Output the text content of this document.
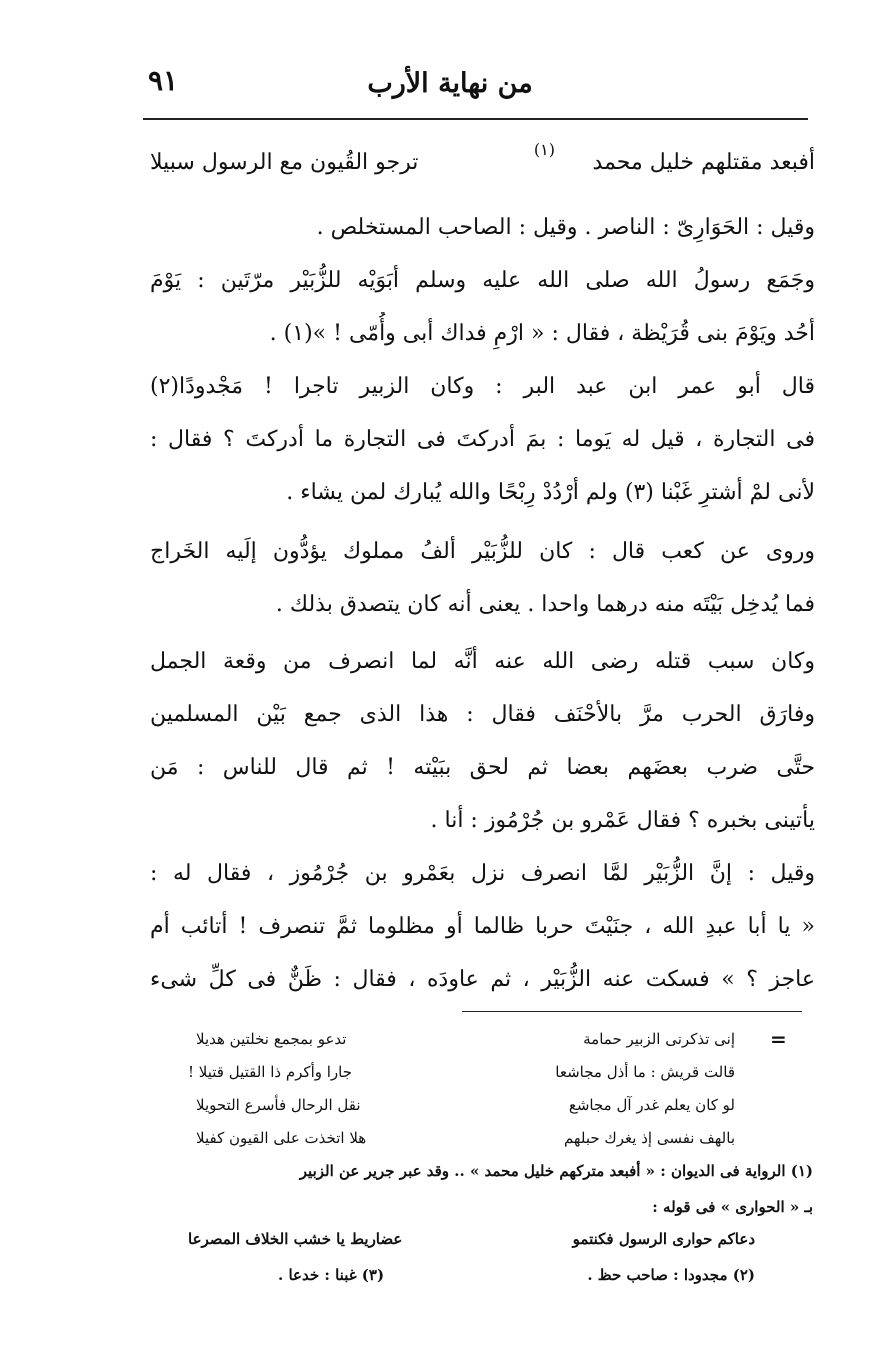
من نهاية الأرب
٩١
أفبعد مقتلهم خليل محمد
(١)
ترجو القُيون مع الرسول سبيلا
وقيل : الحَوَارِىّ : الناصر . وقيل : الصاحب المستخلص .
وجَمَع رسولُ الله صلى الله عليه وسلم أبَوَيْه للزُّبَيْر مرّتَين : يَوْمَ
أحُد ويَوْمَ بنى قُرَيْظة ، فقال : « ارْمِ فداك أبى وأُمّى ! »(١) .
قال أبو عمر ابن عبد البر : وكان الزبير تاجرا ! مَجْدودًا(٢)
فى التجارة ، قيل له يَوما : بمَ أدركتَ فى التجارة ما أدركتَ ؟ فقال :
لأنى لمْ أشترِ غَبْنا (٣) ولم أرْدُدْ رِبْحًا والله يُبارك لمن يشاء .
وروى عن كعب قال : كان للزُّبَيْر ألفُ مملوك يؤدُّون إلَيه الخَراج
فما يُدخِل بَيْتَه منه درهما واحدا . يعنى أنه كان يتصدق بذلك .
وكان سبب قتله رضى الله عنه أنَّه لما انصرف من وقعة الجمل
وفارَق الحرب مرَّ بالأحْنَف فقال : هذا الذى جمع بَيْن المسلمين
حتَّى ضرب بعضَهم بعضا ثم لحق ببَيْته ! ثم قال للناس : مَن
يأتينى بخبره ؟ فقال عَمْرو بن جُرْمُوز : أنا .
وقيل : إنَّ الزُّبَيْر لمَّا انصرف نزل بعَمْرو بن جُرْمُوز ، فقال له :
« يا أبا عبدِ الله ، جنَيْتَ حربا ظالما أو مظلوما ثمَّ تنصرف ! أتائب أم
عاجز ؟ » فسكت عنه الزُّبَيْر ، ثم عاودَه ، فقال : ظَنٌّ فى كلِّ شىء
=
إنى تذكرنى الزبير حمامة
تدعو بمجمع نخلتين هديلا
قالت قريش : ما أذل مجاشعا
جارا وأكرم ذا القتيل قتيلا !
لو كان يعلم غدر آل مجاشع
نقل الرحال فأسرع التحويلا
بالهف نفسى إذ يغرك حبلهم
هلا اتخذت على القيون كفيلا
(١) الرواية فى الديوان : « أفبعد متركهم خليل محمد » .. وقد عبر جرير عن الزبير
بـ « الحوارى » فى قوله :
دعاكم حوارى الرسول فكنتمو
عضاريط يا خشب الخلاف المصرعا
(٢) مجدودا : صاحب حظ .
(٣) غبنا : خدعا .
